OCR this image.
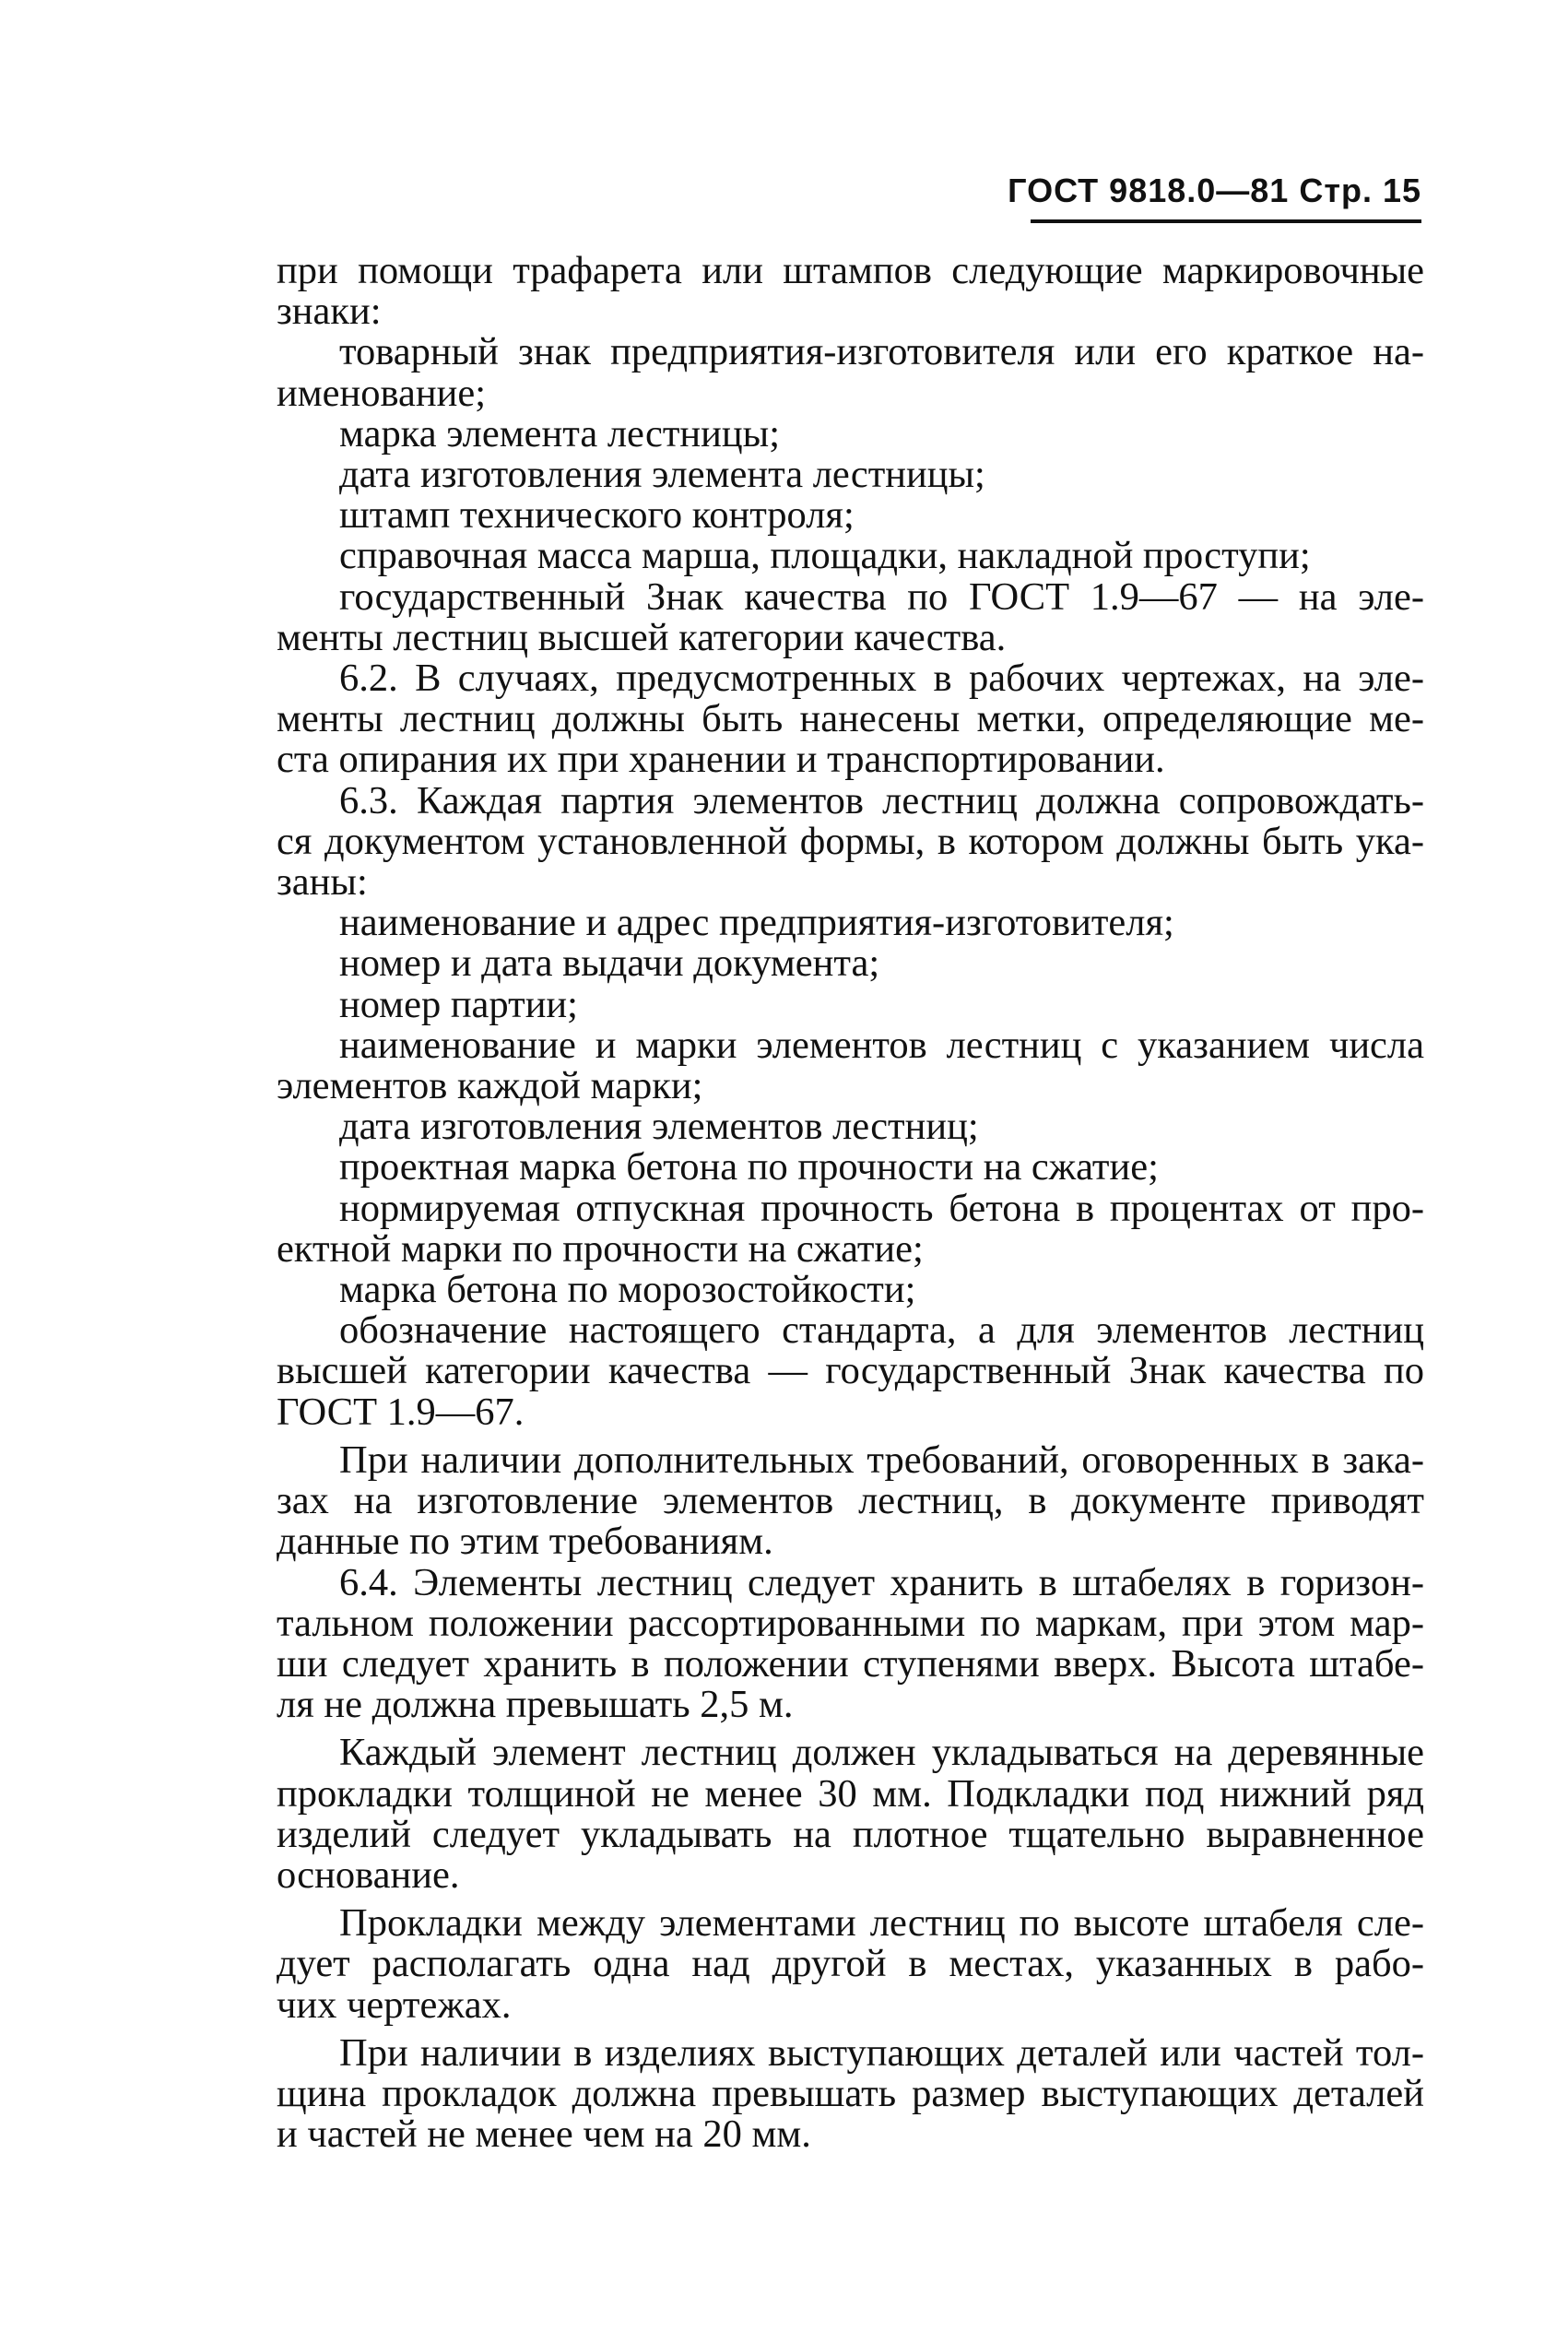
ГОСТ 9818.0—81 Стр. 15

при помощи трафарета или штампов следующие маркировочные

знаки:

товарный знак предприятия-изготовителя или его краткое на-

именование;

марка элемента лестницы;

дата изготовления элемента лестницы;

штамп технического контроля;

справочная масса марша, площадки, накладной проступи;

государственный Знак качества по ГОСТ 1.9—67 — на эле-

менты лестниц высшей категории качества.

6.2. В случаях, предусмотренных в рабочих чертежах, на эле-

менты лестниц должны быть нанесены метки, определяющие ме-

ста опирания их при хранении и транспортировании.

6.3. Каждая партия элементов лестниц должна сопровождать-

ся документом установленной формы, в котором должны быть ука-

заны:

наименование и адрес предприятия-изготовителя;

номер и дата выдачи документа;

номер партии;

наименование и марки элементов лестниц с указанием числа

элементов каждой марки;

дата изготовления элементов лестниц;

проектная марка бетона по прочности на сжатие;

нормируемая отпускная прочность бетона в процентах от про-

ектной марки по прочности на сжатие;

марка бетона по морозостойкости;

обозначение настоящего стандарта, а для элементов лестниц

высшей категории качества — государственный Знак качества по

ГОСТ 1.9—67.

При наличии дополнительных требований, оговоренных в зака-

зах на изготовление элементов лестниц, в документе приводят

данные по этим требованиям.

6.4. Элементы лестниц следует хранить в штабелях в горизон-

тальном положении рассортированными по маркам, при этом мар-

ши следует хранить в положении ступенями вверх. Высота штабе-

ля не должна превышать 2,5 м.

Каждый элемент лестниц должен укладываться на деревянные

прокладки толщиной не менее 30 мм. Подкладки под нижний ряд

изделий следует укладывать на плотное тщательно выравненное

основание.

Прокладки между элементами лестниц по высоте штабеля сле-

дует располагать одна над другой в местах, указанных в рабо-

чих чертежах.

При наличии в изделиях выступающих деталей или частей тол-

щина прокладок должна превышать размер выступающих деталей

и частей не менее чем на 20 мм.
